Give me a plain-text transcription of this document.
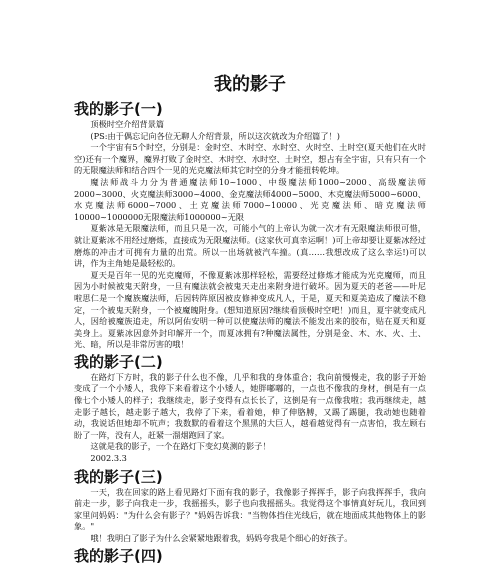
我的影子
我的影子(一)

顶极时空介绍背景篇

(PS:由于偶忘记向各位无聊人介绍背景，所以这次就改为介绍篇了！)

一个宇宙有5个时空，分别是：金时空、木时空、水时空、火时空、土时空(夏天他们在火时空)还有一个魔界，魔界打败了金时空、木时空、水时空、土时空，想占有全宇宙，只有只有一个的无限魔法师和结合四个一见的光克魔法师其它时空的分身才能扭转乾坤。

魔法师战斗力分为普通魔法师10~1000、中级魔法师1000~2000、高级魔法师2000~3000、火克魔法师3000~4000、金克魔法师4000~5000、木克魔法师5000~6000、水克魔法师6000~7000、土克魔法师7000~10000、光克魔法师、暗克魔法师10000~1000000无限魔法师1000000~无限

夏紫冰是无限魔法师，而且只是一次，可能小气的上帝认为就一次才有无限魔法师很可惜，就让夏紫冰不用经过磨炼，直接成为无限魔法师。(这家伙可真幸运啊！)可上帝却要让夏紫冰经过磨炼的冲击才可拥有力量的出荒。所以一出场就被汽车撞。(真……我想改成了这么幸运!)可以讲，作为主角她是最轻松的。

夏天是百年一见的光克魔师，不像夏紫冰那样轻松，需要经过修炼才能成为光克魔师，而且因为小时候被鬼天附身，一旦有魔法就会被鬼天走出来附身进行破坏。因为夏天的老爸——叶尼啦思仁是一个魔族魔法师，后因转阵原因被皮修神变成凡人，于是，夏天和夏美造成了魔法不稳定，一个被鬼天附身，一个被魔魄附身。(想知道原因?继续看顶极时空吧！)而且，夏宇就变成凡人，因给被魔族追走，所以阿佑安明一种可以使魔法师的魔法不能发出来的胶布，贴在夏天和夏美身上。夏紫冰因意外封印解开一个，而夏冰拥有?种魔法属性，分别是金、木、水、火、土、光、暗，所以是非常厉害的哦！

我的影子(二)

在路灯下方时，我的影子什么也不像，几乎和我的身体重合；我向前慢慢走，我的影子开始变成了一个小矮人，我停下来看着这个小矮人，她胖嘟嘟的，一点也不像我的身材，倒是有一点像七个小矮人的样子；我继续走，影子变得有点长长了，这倒是有一点像我啦；我再继续走，越走影子越长，越走影子越大，我停了下来，看着她，伸了伸胳膊，又踢了踢腿，我动她也随着动，我说话但她却不吭声；我数默的看着这个黑黑的大巨人，越看越觉得有一点害怕，我左顾右盼了一阵，没有人，赶紧一溜烟跑回了家。

这就是我的影子，一个在路灯下变幻莫测的影子！

2002.3.3

我的影子(三)

一天，我在回家的路上看见路灯下面有我的影子，我像影子挥挥手，影子向我挥挥手，我向前走一步，影子向我走一步，我摇摇头，影子也向我摇摇头。我觉得这个事情真好玩儿，我回到家里问妈妈："为什么会有影子？"妈妈告诉我："当物体挡住光线后，就在地面成其他物体上的影象。"

哦！我明白了影子为什么会紧紧地跟着我，妈妈夸我是个细心的好孩子。

我的影子(四)
